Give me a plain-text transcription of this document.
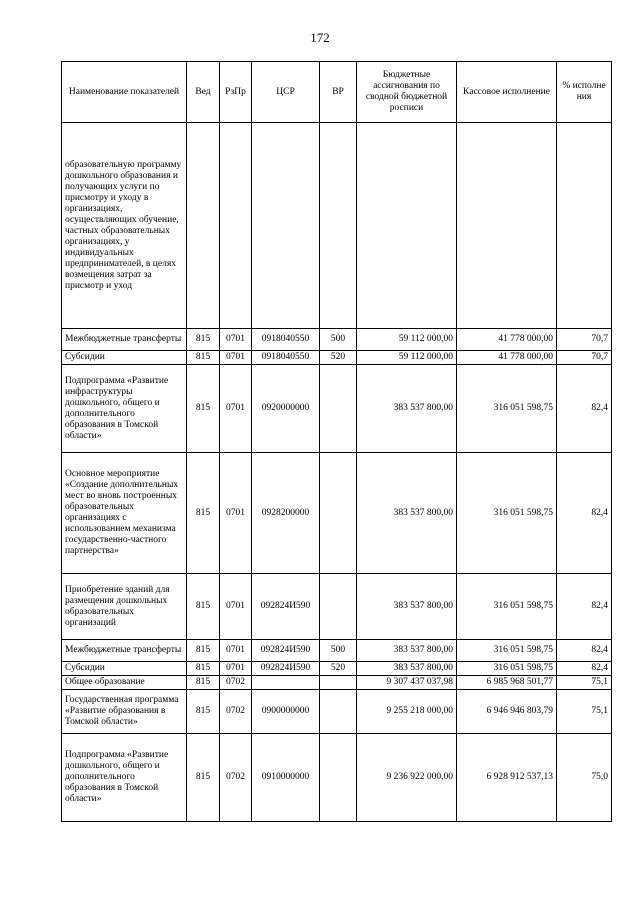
172
Наименование показателей	Вед	РзПр	ЦСР	ВР	Бюджетные ассигнования по сводной бюджетной росписи	Кассовое исполнение	% исполне ния
образовательную программу дошкольного образования и получающих услуги по присмотру и уходу в организациях, осуществляющих обучение, частных образовательных организациях, у индивидуальных предпринимателей, в целях возмещения затрат за присмотр и уход							
Межбюджетные трансферты	815	0701	0918040550	500	59 112 000,00	41 778 000,00	70,7
Субсидии	815	0701	0918040550	520	59 112 000,00	41 778 000,00	70,7
Подпрограмма «Развитие инфраструктуры дошкольного, общего и дополнительного образования в Томской области»	815	0701	0920000000		383 537 800,00	316 051 598,75	82,4
Основное мероприятие «Создание дополнительных мест во вновь построенных образовательных организациях с использованием механизма государственно-частного партнерства»	815	0701	0928200000		383 537 800,00	316 051 598,75	82,4
Приобретение зданий для размещения дошкольных образовательных организаций	815	0701	092824И590		383 537 800,00	316 051 598,75	82,4
Межбюджетные трансферты	815	0701	092824И590	500	383 537 800,00	316 051 598,75	82,4
Субсидии	815	0701	092824И590	520	383 537 800,00	316 051 598,75	82,4
Общее образование	815	0702			9 307 437 037,98	6 985 968 501,77	75,1
Государственная программа «Развитие образования в Томской области»	815	0702	0900000000		9 255 218 000,00	6 946 946 803,79	75,1
Подпрограмма «Развитие дошкольного, общего и дополнительного образования в Томской области»	815	0702	0910000000		9 236 922 000,00	6 928 912 537,13	75,0
